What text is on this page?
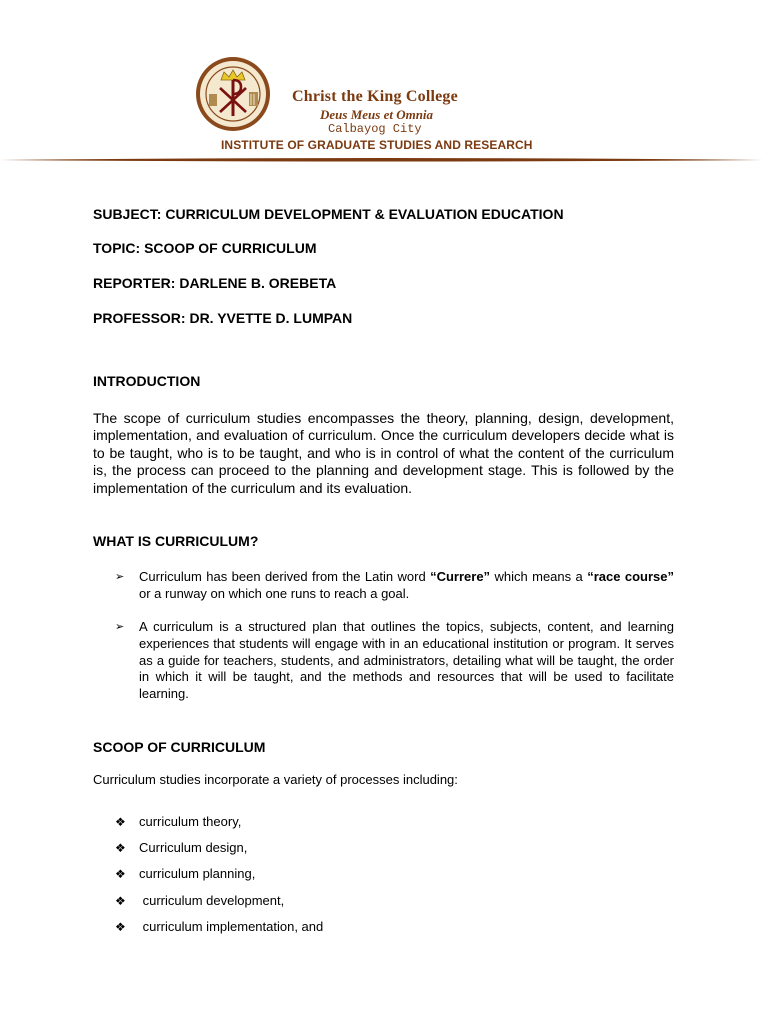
Christ the King College
Deus Meus et Omnia
Calbayog City
INSTITUTE OF GRADUATE STUDIES AND RESEARCH
SUBJECT: CURRICULUM DEVELOPMENT & EVALUATION EDUCATION
TOPIC: SCOOP OF CURRICULUM
REPORTER: DARLENE B. OREBETA
PROFESSOR: DR. YVETTE D. LUMPAN
INTRODUCTION
The scope of curriculum studies encompasses the theory, planning, design, development, implementation, and evaluation of curriculum. Once the curriculum developers decide what is to be taught, who is to be taught, and who is in control of what the content of the curriculum is, the process can proceed to the planning and development stage. This is followed by the implementation of the curriculum and its evaluation.
WHAT IS CURRICULUM?
➢	Curriculum has been derived from the Latin word “Currere” which means a “race course” or a runway on which one runs to reach a goal.
➢	A curriculum is a structured plan that outlines the topics, subjects, content, and learning experiences that students will engage with in an educational institution or program. It serves as a guide for teachers, students, and administrators, detailing what will be taught, the order in which it will be taught, and the methods and resources that will be used to facilitate learning.
SCOOP OF CURRICULUM
Curriculum studies incorporate a variety of processes including:
❖ curriculum theory,
❖ Curriculum design,
❖ curriculum planning,
❖ curriculum development,
❖ curriculum implementation, and
